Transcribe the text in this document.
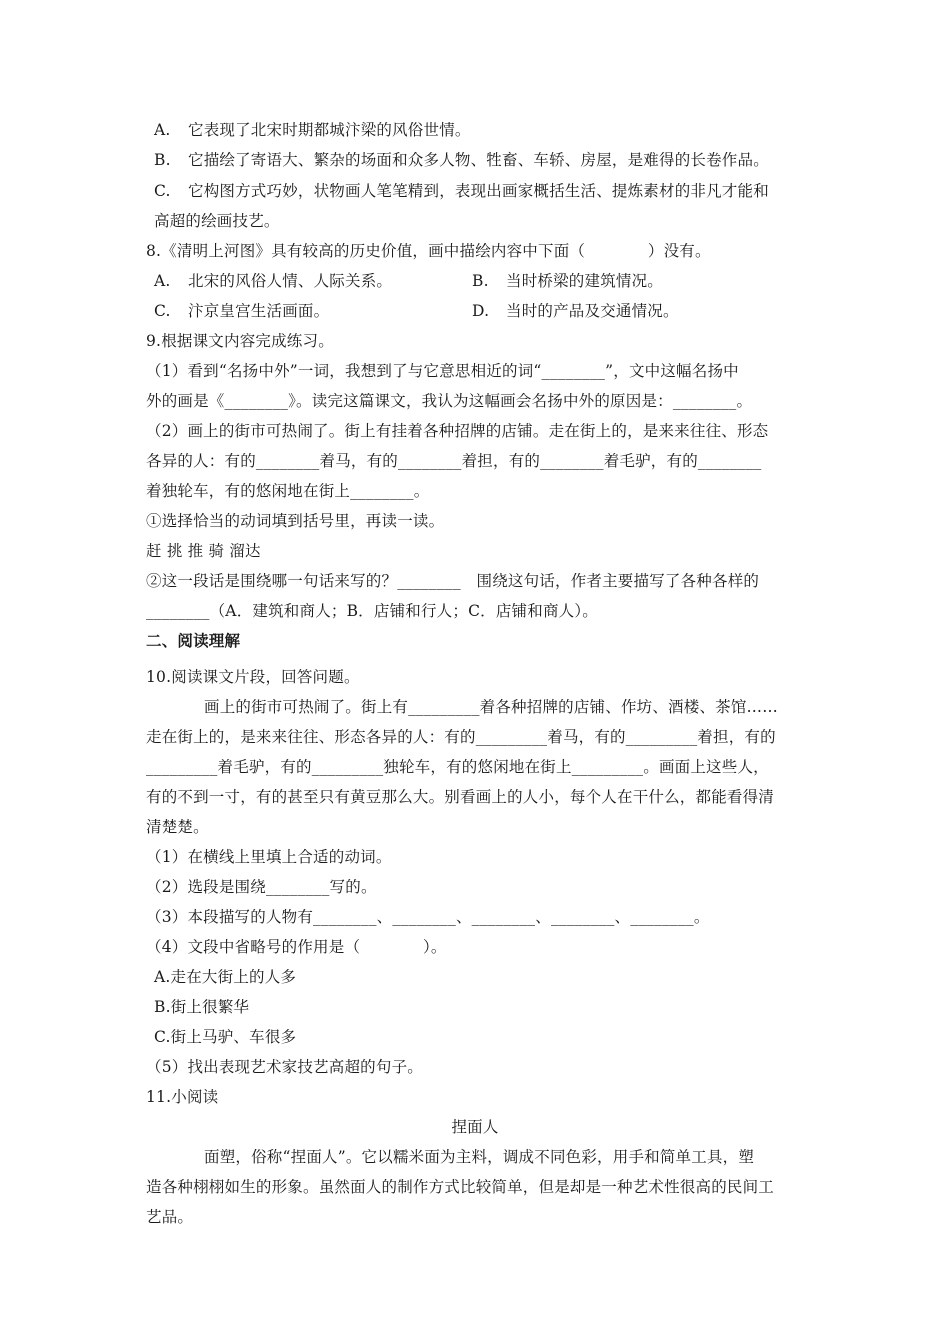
A. 它表现了北宋时期都城汴梁的风俗世情。
B. 它描绘了寄语大、繁杂的场面和众多人物、牲畜、车轿、房屋，是难得的长卷作品。
C. 它构图方式巧妙，状物画人笔笔精到，表现出画家概括生活、提炼素材的非凡才能和
高超的绘画技艺。
8.《清明上河图》具有较高的历史价值，画中描绘内容中下面（　　　　）没有。
A. 北宋的风俗人情、人际关系。	B. 当时桥梁的建筑情况。
C. 汴京皇宫生活画面。	D. 当时的产品及交通情况。
9.根据课文内容完成练习。
（1）看到“名扬中外”一词，我想到了与它意思相近的词“________”，文中这幅名扬中
外的画是《________》。读完这篇课文，我认为这幅画会名扬中外的原因是：________。
（2）画上的街市可热闹了。街上有挂着各种招牌的店铺。走在街上的，是来来往往、形态
各异的人：有的________着马，有的________着担，有的________着毛驴，有的________
着独轮车，有的悠闲地在街上________。
①选择恰当的动词填到括号里，再读一读。
赶 挑 推 骑 溜达
②这一段话是围绕哪一句话来写的？________　围绕这句话，作者主要描写了各种各样的
________（A．建筑和商人；B．店铺和行人；C．店铺和商人）。
二、阅读理解
10.阅读课文片段，回答问题。
画上的街市可热闹了。街上有_________着各种招牌的店铺、作坊、酒楼、茶馆……
走在街上的，是来来往往、形态各异的人：有的_________着马，有的_________着担，有的
_________着毛驴，有的_________独轮车，有的悠闲地在街上_________。画面上这些人，
有的不到一寸，有的甚至只有黄豆那么大。别看画上的人小，每个人在干什么，都能看得清
清楚楚。
（1）在横线上里填上合适的动词。
（2）选段是围绕________写的。
（3）本段描写的人物有________、________、________、________、________。
（4）文段中省略号的作用是（　　　　）。
A.走在大街上的人多
B.街上很繁华
C.街上马驴、车很多
（5）找出表现艺术家技艺高超的句子。
11.小阅读
捏面人
面塑，俗称“捏面人”。它以糯米面为主料，调成不同色彩，用手和简单工具，塑
造各种栩栩如生的形象。虽然面人的制作方式比较简单，但是却是一种艺术性很高的民间工
艺品。
